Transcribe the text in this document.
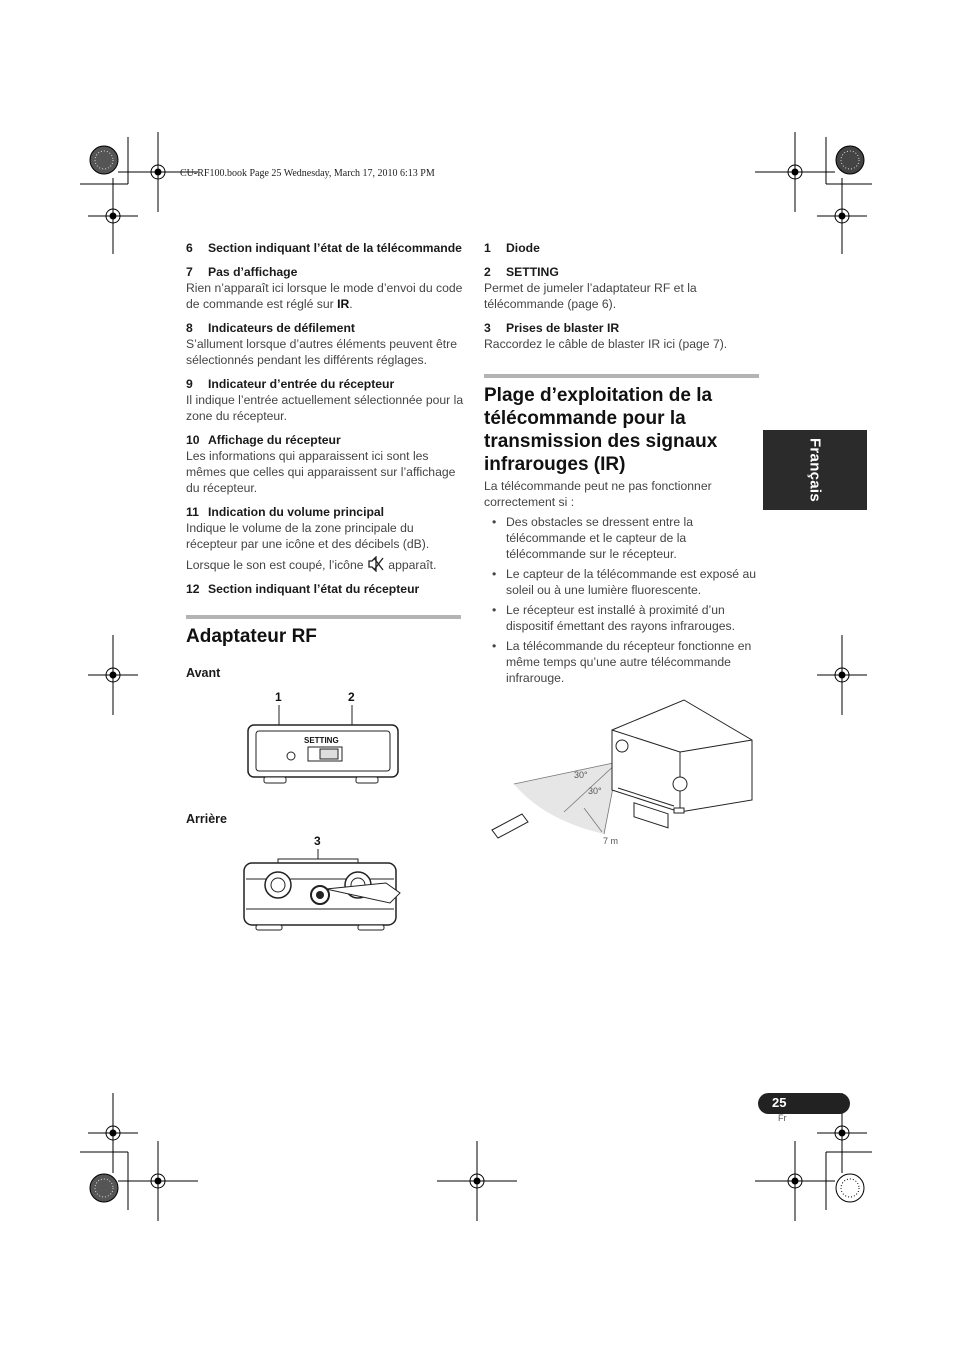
CU-RF100.book Page 25 Wednesday, March 17, 2010 6:13 PM
6 Section indiquant l’état de la télécommande
7 Pas d’affichage
Rien n’apparaît ici lorsque le mode d’envoi du code de commande est réglé sur IR.
8 Indicateurs de défilement
S’allument lorsque d’autres éléments peuvent être sélectionnés pendant les différents réglages.
9 Indicateur d’entrée du récepteur
Il indique l’entrée actuellement sélectionnée pour la zone du récepteur.
10 Affichage du récepteur
Les informations qui apparaissent ici sont les mêmes que celles qui apparaissent sur l’affichage du récepteur.
11 Indication du volume principal
Indique le volume de la zone principale du récepteur par une icône et des décibels (dB).
Lorsque le son est coupé, l’icône apparaît.
12 Section indiquant l’état du récepteur
Adaptateur RF
Avant
1	2
SETTING
Arrière
3
1 Diode
2 SETTING
Permet de jumeler l’adaptateur RF et la télécommande (page 6).
3 Prises de blaster IR
Raccordez le câble de blaster IR ici (page 7).
Plage d’exploitation de la télécommande pour la transmission des signaux infrarouges (IR)
La télécommande peut ne pas fonctionner correctement si :
• Des obstacles se dressent entre la télécommande et le capteur de la télécommande sur le récepteur.
• Le capteur de la télécommande est exposé au soleil ou à une lumière fluorescente.
• Le récepteur est installé à proximité d’un dispositif émettant des rayons infrarouges.
• La télécommande du récepteur fonctionne en même temps qu’une autre télécommande infrarouge.
30°
30°
7 m
Français
25
Fr
